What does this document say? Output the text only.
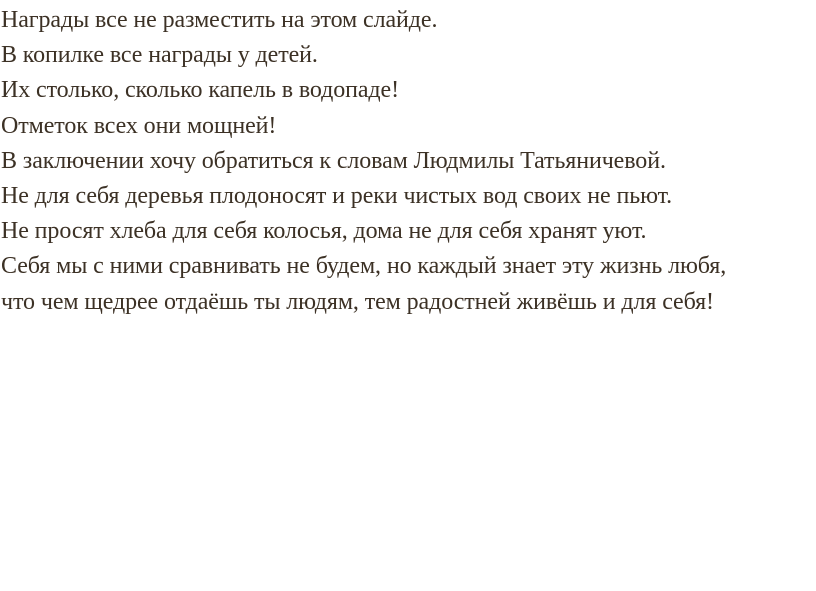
Награды все не разместить на этом слайде.

В копилке все награды у детей.

Их столько, сколько капель в водопаде!

Отметок всех они мощней!

В заключении хочу обратиться к словам Людмилы Татьяничевой.

Не для себя деревья плодоносят и реки чистых вод своих не пьют.

Не просят хлеба для себя колосья, дома не для себя хранят уют.

Себя мы с ними сравнивать не будем, но каждый знает эту жизнь любя,

что чем щедрее отдаёшь ты людям, тем радостней живёшь и для себя!
